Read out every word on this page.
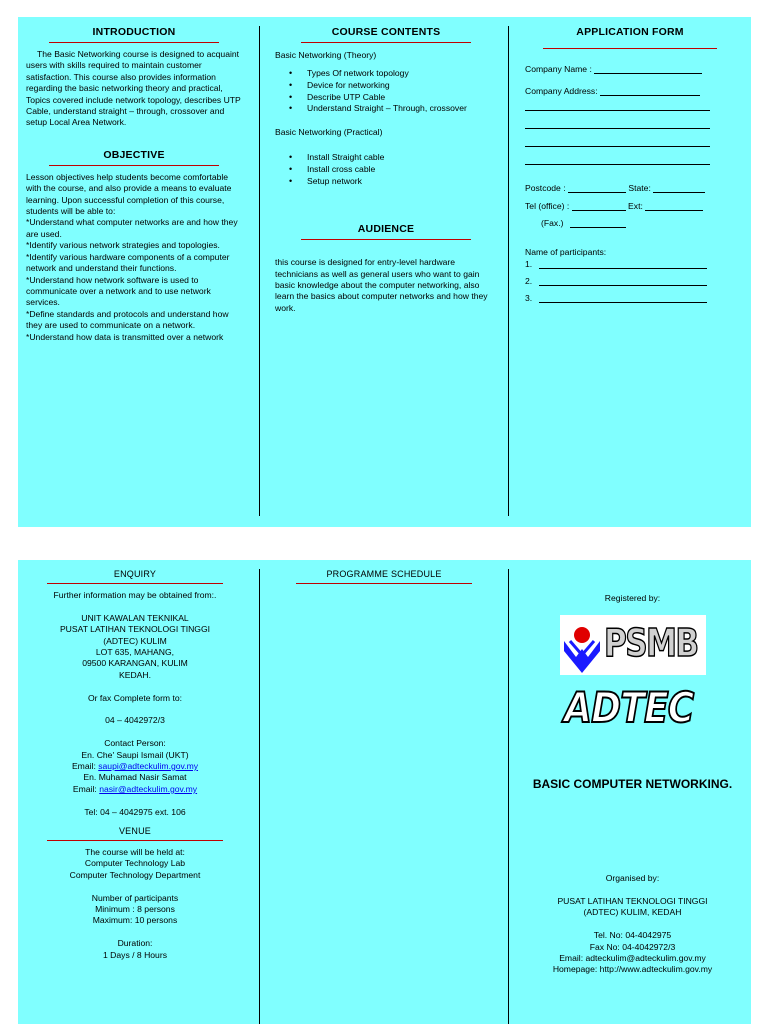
INTRODUCTION
The Basic Networking course is designed to acquaint users with skills required to maintain customer satisfaction. This course also provides information regarding the basic networking theory and practical, Topics covered include network topology, describes UTP Cable, understand straight – through, crossover and setup Local Area Network.
OBJECTIVE
Lesson objectives help students become comfortable with the course, and also provide a means to evaluate learning. Upon successful completion of this course, students will be able to:
*Understand what computer networks are and how they are used.
*Identify various network strategies and topologies.
*Identify various hardware components of a computer network and understand their functions.
*Understand how network software is used to communicate over a network and to use network services.
*Define standards and protocols and understand how they are used to communicate on a network.
*Understand how data is transmitted over a network
COURSE CONTENTS
Basic Networking (Theory)
• Types Of network topology
• Device for networking
• Describe UTP Cable
• Understand Straight – Through, crossover
Basic Networking (Practical)
• Install Straight cable
• Install cross cable
• Setup network
AUDIENCE
this course is designed for entry-level hardware technicians as well as general users who want to gain basic knowledge about the computer networking, also learn the basics about computer networks and how they work.
APPLICATION FORM
Company Name :
Company Address:
Postcode :	State:
Tel (office) :	Ext:
(Fax.)
Name of participants:
1.
2.
3.
ENQUIRY
Further information may be obtained from:.
UNIT KAWALAN TEKNIKAL
PUSAT LATIHAN TEKNOLOGI TINGGI
(ADTEC) KULIM
LOT 635, MAHANG,
09500 KARANGAN, KULIM
KEDAH.
Or fax Complete form to:
04 – 4042972/3
Contact Person:
En. Che' Saupi Ismail (UKT)
Email: saupi@adteckulim.gov.my
En. Muhamad Nasir Samat
Email: nasir@adteckulim.gov.my
Tel: 04 – 4042975 ext. 106
VENUE
The course will be held at:
Computer Technology Lab
Computer Technology Department
Number of participants
Minimum : 8 persons
Maximum: 10 persons
Duration:
1 Days / 8 Hours
PROGRAMME SCHEDULE
Registered by:
PSMB
ADTEC
BASIC COMPUTER NETWORKING.
Organised by:
PUSAT LATIHAN TEKNOLOGI TINGGI
(ADTEC) KULIM, KEDAH
Tel. No: 04-4042975
Fax No: 04-4042972/3
Email: adteckulim@adteckulim.gov.my
Homepage: http://www.adteckulim.gov.my
